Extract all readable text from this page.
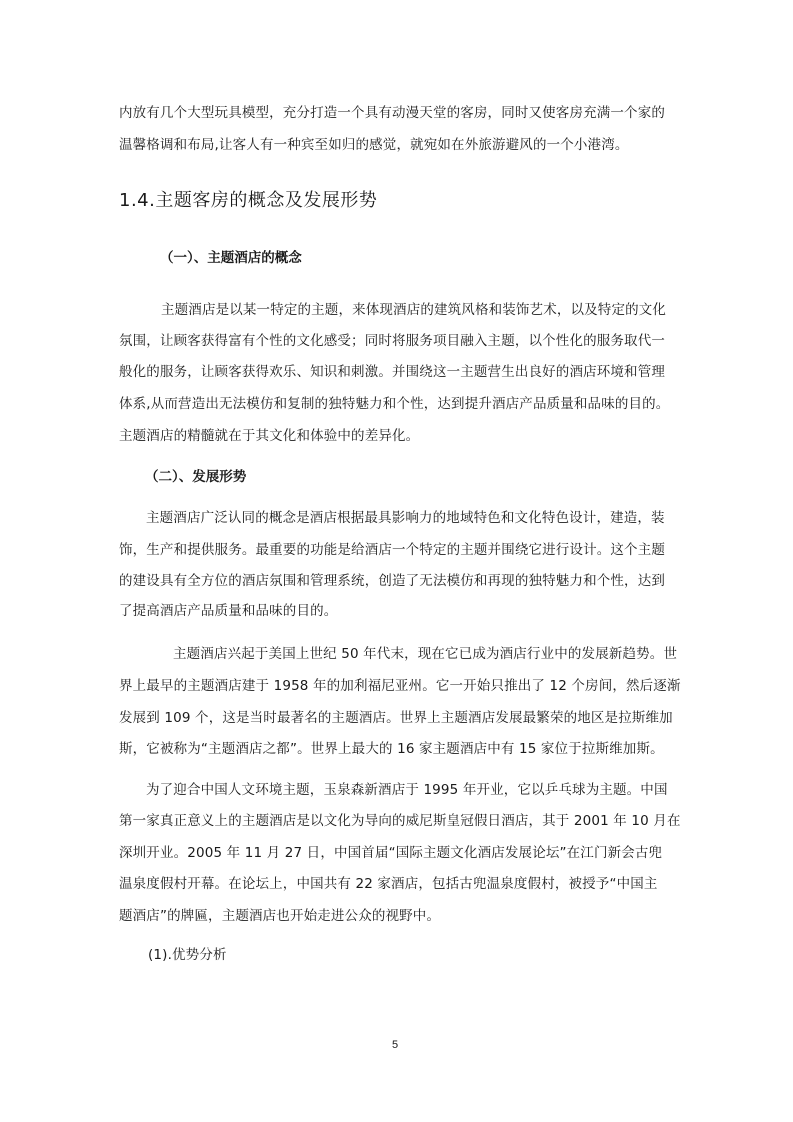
内放有几个大型玩具模型，充分打造一个具有动漫天堂的客房，同时又使客房充满一个家的
温馨格调和布局,让客人有一种宾至如归的感觉，就宛如在外旅游避风的一个小港湾。
1.4.主题客房的概念及发展形势
（一）、主题酒店的概念
主题酒店是以某一特定的主题，来体现酒店的建筑风格和装饰艺术，以及特定的文化
氛围，让顾客获得富有个性的文化感受；同时将服务项目融入主题，以个性化的服务取代一
般化的服务，让顾客获得欢乐、知识和刺激。并围绕这一主题营生出良好的酒店环境和管理
体系,从而营造出无法模仿和复制的独特魅力和个性，达到提升酒店产品质量和品味的目的。
主题酒店的精髓就在于其文化和体验中的差异化。
（二）、发展形势
主题酒店广泛认同的概念是酒店根据最具影响力的地域特色和文化特色设计，建造，装
饰，生产和提供服务。最重要的功能是给酒店一个特定的主题并围绕它进行设计。这个主题
的建设具有全方位的酒店氛围和管理系统，创造了无法模仿和再现的独特魅力和个性，达到
了提高酒店产品质量和品味的目的。
主题酒店兴起于美国上世纪 50 年代末，现在它已成为酒店行业中的发展新趋势。世
界上最早的主题酒店建于 1958 年的加利福尼亚州。它一开始只推出了 12 个房间，然后逐渐
发展到 109 个，这是当时最著名的主题酒店。世界上主题酒店发展最繁荣的地区是拉斯维加
斯，它被称为“主题酒店之都”。世界上最大的 16 家主题酒店中有 15 家位于拉斯维加斯。
为了迎合中国人文环境主题，玉泉森新酒店于 1995 年开业，它以乒乓球为主题。中国
第一家真正意义上的主题酒店是以文化为导向的威尼斯皇冠假日酒店，其于 2001 年 10 月在
深圳开业。2005 年 11 月 27 日，中国首届“国际主题文化酒店发展论坛”在江门新会古兜
温泉度假村开幕。在论坛上，中国共有 22 家酒店，包括古兜温泉度假村，被授予“中国主
题酒店”的牌匾，主题酒店也开始走进公众的视野中。
(1).优势分析
5
